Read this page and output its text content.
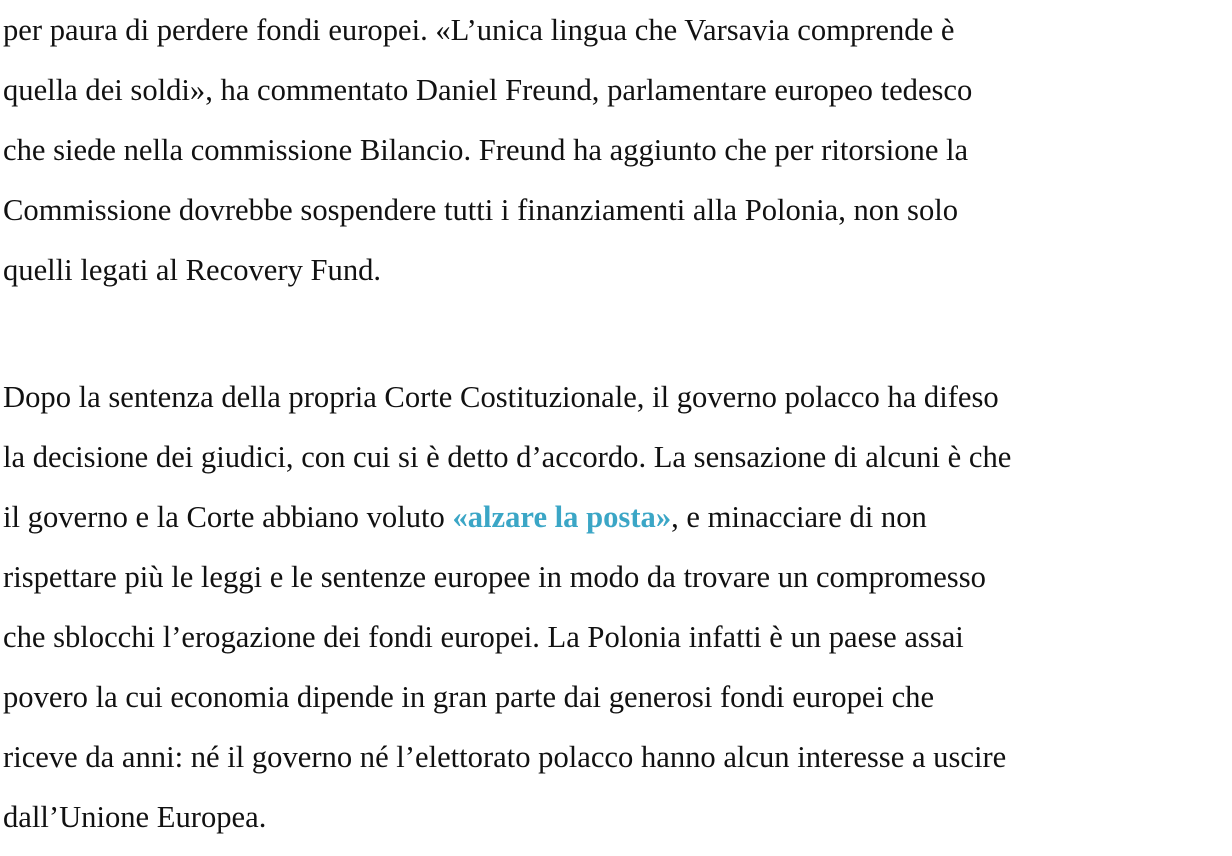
per paura di perdere fondi europei. «L’unica lingua che Varsavia comprende è
quella dei soldi», ha commentato Daniel Freund, parlamentare europeo tedesco
che siede nella commissione Bilancio. Freund ha aggiunto che per ritorsione la
Commissione dovrebbe sospendere tutti i finanziamenti alla Polonia, non solo
quelli legati al Recovery Fund.

Dopo la sentenza della propria Corte Costituzionale, il governo polacco ha difeso
la decisione dei giudici, con cui si è detto d’accordo. La sensazione di alcuni è che
il governo e la Corte abbiano voluto «alzare la posta», e minacciare di non
rispettare più le leggi e le sentenze europee in modo da trovare un compromesso
che sblocchi l’erogazione dei fondi europei. La Polonia infatti è un paese assai
povero la cui economia dipende in gran parte dai generosi fondi europei che
riceve da anni: né il governo né l’elettorato polacco hanno alcun interesse a uscire
dall’Unione Europea.
